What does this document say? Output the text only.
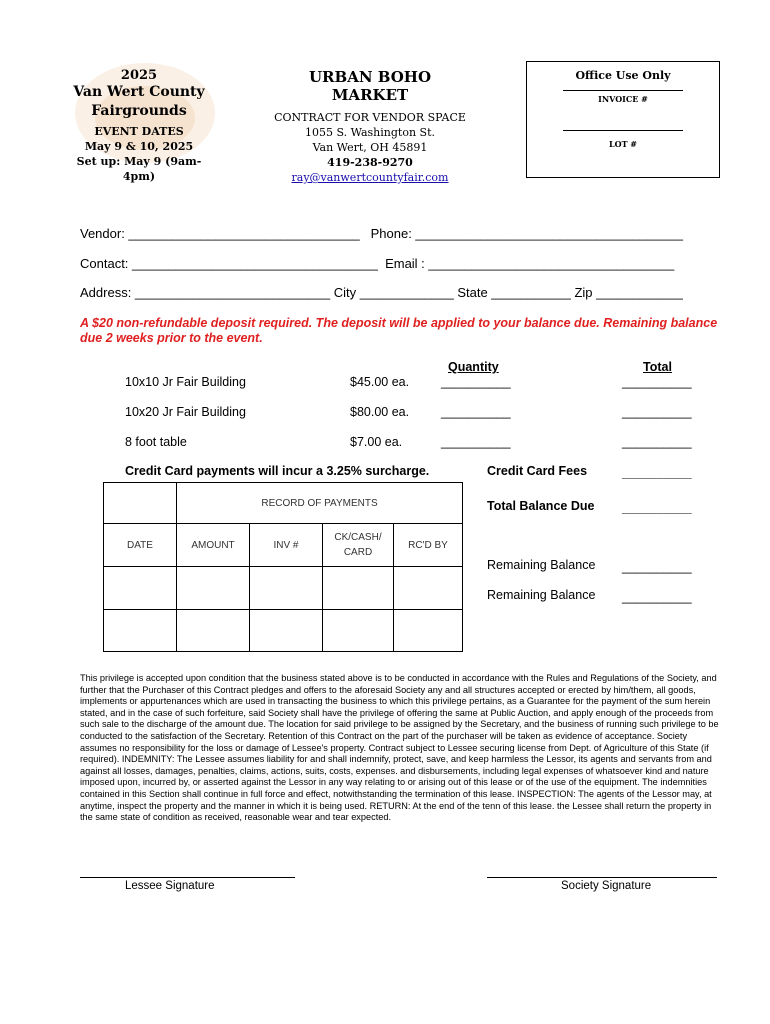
2025
Van Wert County
Fairgrounds
EVENT DATES
May 9 & 10, 2025
Set up: May 9 (9am-4pm)
URBAN BOHO MARKET
CONTRACT FOR VENDOR SPACE
1055 S. Washington St.
Van Wert, OH 45891
419-238-9270
ray@vanwertcountyfair.com
Office Use Only
INVOICE #
LOT #
Vendor: ________________________________   Phone: _____________________________________
Contact: __________________________________  Email : __________________________________
Address: ___________________________ City _____________ State ___________ Zip ____________
A $20 non-refundable deposit required. The deposit will be applied to your balance due. Remaining balance due 2 weeks prior to the event.
Quantity	Total
10x10 Jr Fair Building	$45.00 ea.	__________	__________
10x20 Jr Fair Building	$80.00 ea.	__________	__________
8 foot table	$7.00 ea.	__________	__________
Credit Card payments will incur a 3.25% surcharge.	Credit Card Fees	__________
Total Balance Due __________
Remaining Balance __________
Remaining Balance __________
	RECORD OF PAYMENTS			
DATE	AMOUNT	INV #	CK/CASH/ CARD	RC'D BY

This privilege is accepted upon condition that the business stated above is to be conducted in accordance with the Rules and Regulations of the Society, and further that the Purchaser of this Contract pledges and offers to the aforesaid Society any and all structures accepted or erected by him/them, all goods, implements or appurtenances which are used in transacting the business to which this privilege pertains, as a Guarantee for the payment of the sum herein stated, and in the case of such forfeiture, said Society shall have the privilege of offering the same at Public Auction, and apply enough of the proceeds from such sale to the discharge of the amount due. The location for said privilege to be assigned by the Secretary, and the business of running such privilege to be conducted to the satisfaction of the Secretary. Retention of this Contract on the part of the purchaser will be taken as evidence of acceptance. Society assumes no responsibility for the loss or damage of Lessee's property. Contract subject to Lessee securing license from Dept. of Agriculture of this State (if required). INDEMNITY: The Lessee assumes liability for and shall indemnify, protect, save, and keep harmless the Lessor, its agents and servants from and against all losses, damages, penalties, claims, actions, suits, costs, expenses. and disbursements, including legal expenses of whatsoever kind and nature imposed upon, incurred by, or asserted against the Lessor in any way relating to or arising out of this lease or of the use of the equipment. The indemnities contained in this Section shall continue in full force and effect, notwithstanding the termination of this lease. INSPECTION: The agents of the Lessor may, at anytime, inspect the property and the manner in which it is being used. RETURN: At the end of the tenn of this lease. the Lessee shall return the property in the same state of condition as received, reasonable wear and tear expected.
Lessee Signature	Society Signature
